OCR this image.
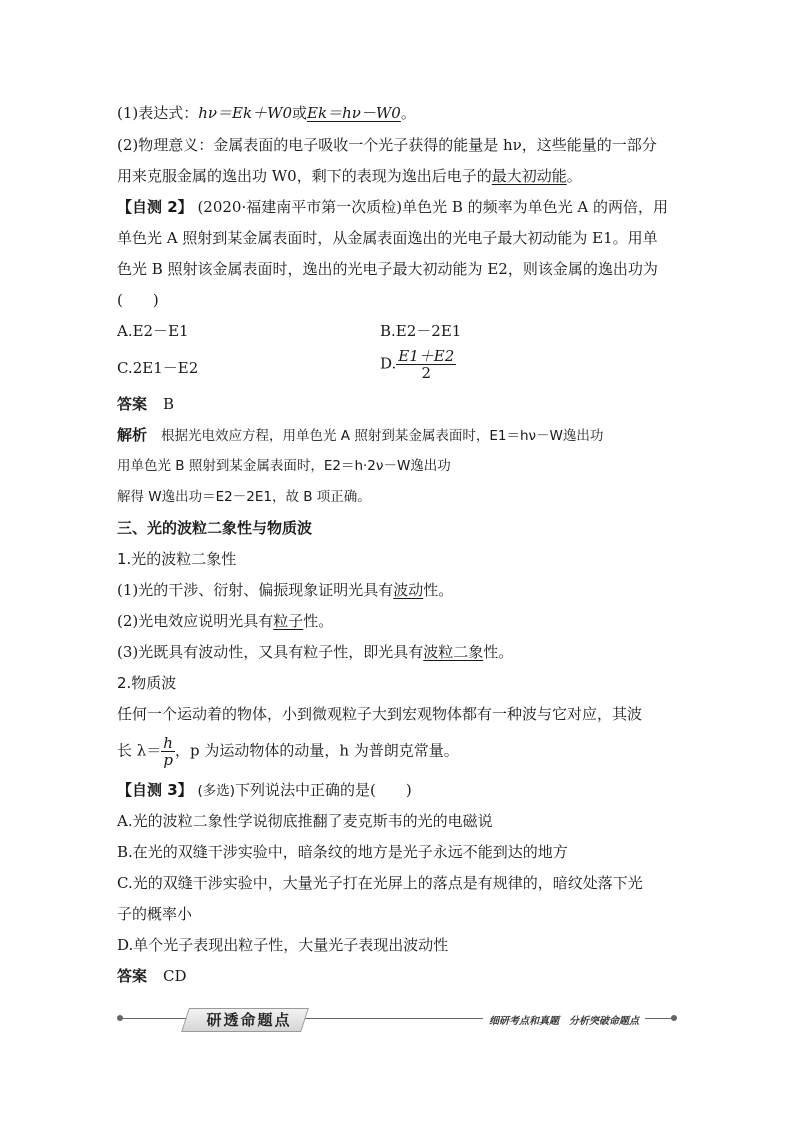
(1)表达式：hν＝Ek＋W0或Ek＝hν－W0。
(2)物理意义：金属表面的电子吸收一个光子获得的能量是 hν，这些能量的一部分
用来克服金属的逸出功 W0，剩下的表现为逸出后电子的最大初动能。
【自测 2】 (2020·福建南平市第一次质检)单色光 B 的频率为单色光 A 的两倍，用
单色光 A 照射到某金属表面时，从金属表面逸出的光电子最大初动能为 E1。用单
色光 B 照射该金属表面时，逸出的光电子最大初动能为 E2，则该金属的逸出功为
(　　)
A.E2－E1	B.E2－2E1
C.2E1－E2	D. $\frac{E1+E2}{2}$
答案 B
解析 根据光电效应方程，用单色光 A 照射到某金属表面时，E1＝hν－W逸出功
用单色光 B 照射到某金属表面时，E2＝h·2ν－W逸出功
解得 W逸出功＝E2－2E1，故 B 项正确。
三、光的波粒二象性与物质波
1.光的波粒二象性
(1)光的干涉、衍射、偏振现象证明光具有波动性。
(2)光电效应说明光具有粒子性。
(3)光既具有波动性，又具有粒子性，即光具有波粒二象性。
2.物质波
任何一个运动着的物体，小到微观粒子大到宏观物体都有一种波与它对应，其波
长 $\lambda= \frac{h}{p}$ ，p 为运动物体的动量，h 为普朗克常量。
【自测 3】 (多选)下列说法中正确的是(　　)
A.光的波粒二象性学说彻底推翻了麦克斯韦的光的电磁说
B.在光的双缝干涉实验中，暗条纹的地方是光子永远不能到达的地方
C.光的双缝干涉实验中，大量光子打在光屏上的落点是有规律的，暗纹处落下光
子的概率小
D.单个光子表现出粒子性，大量光子表现出波动性
答案 CD
研透命题点	细研考点和真题　分析突破命题点
